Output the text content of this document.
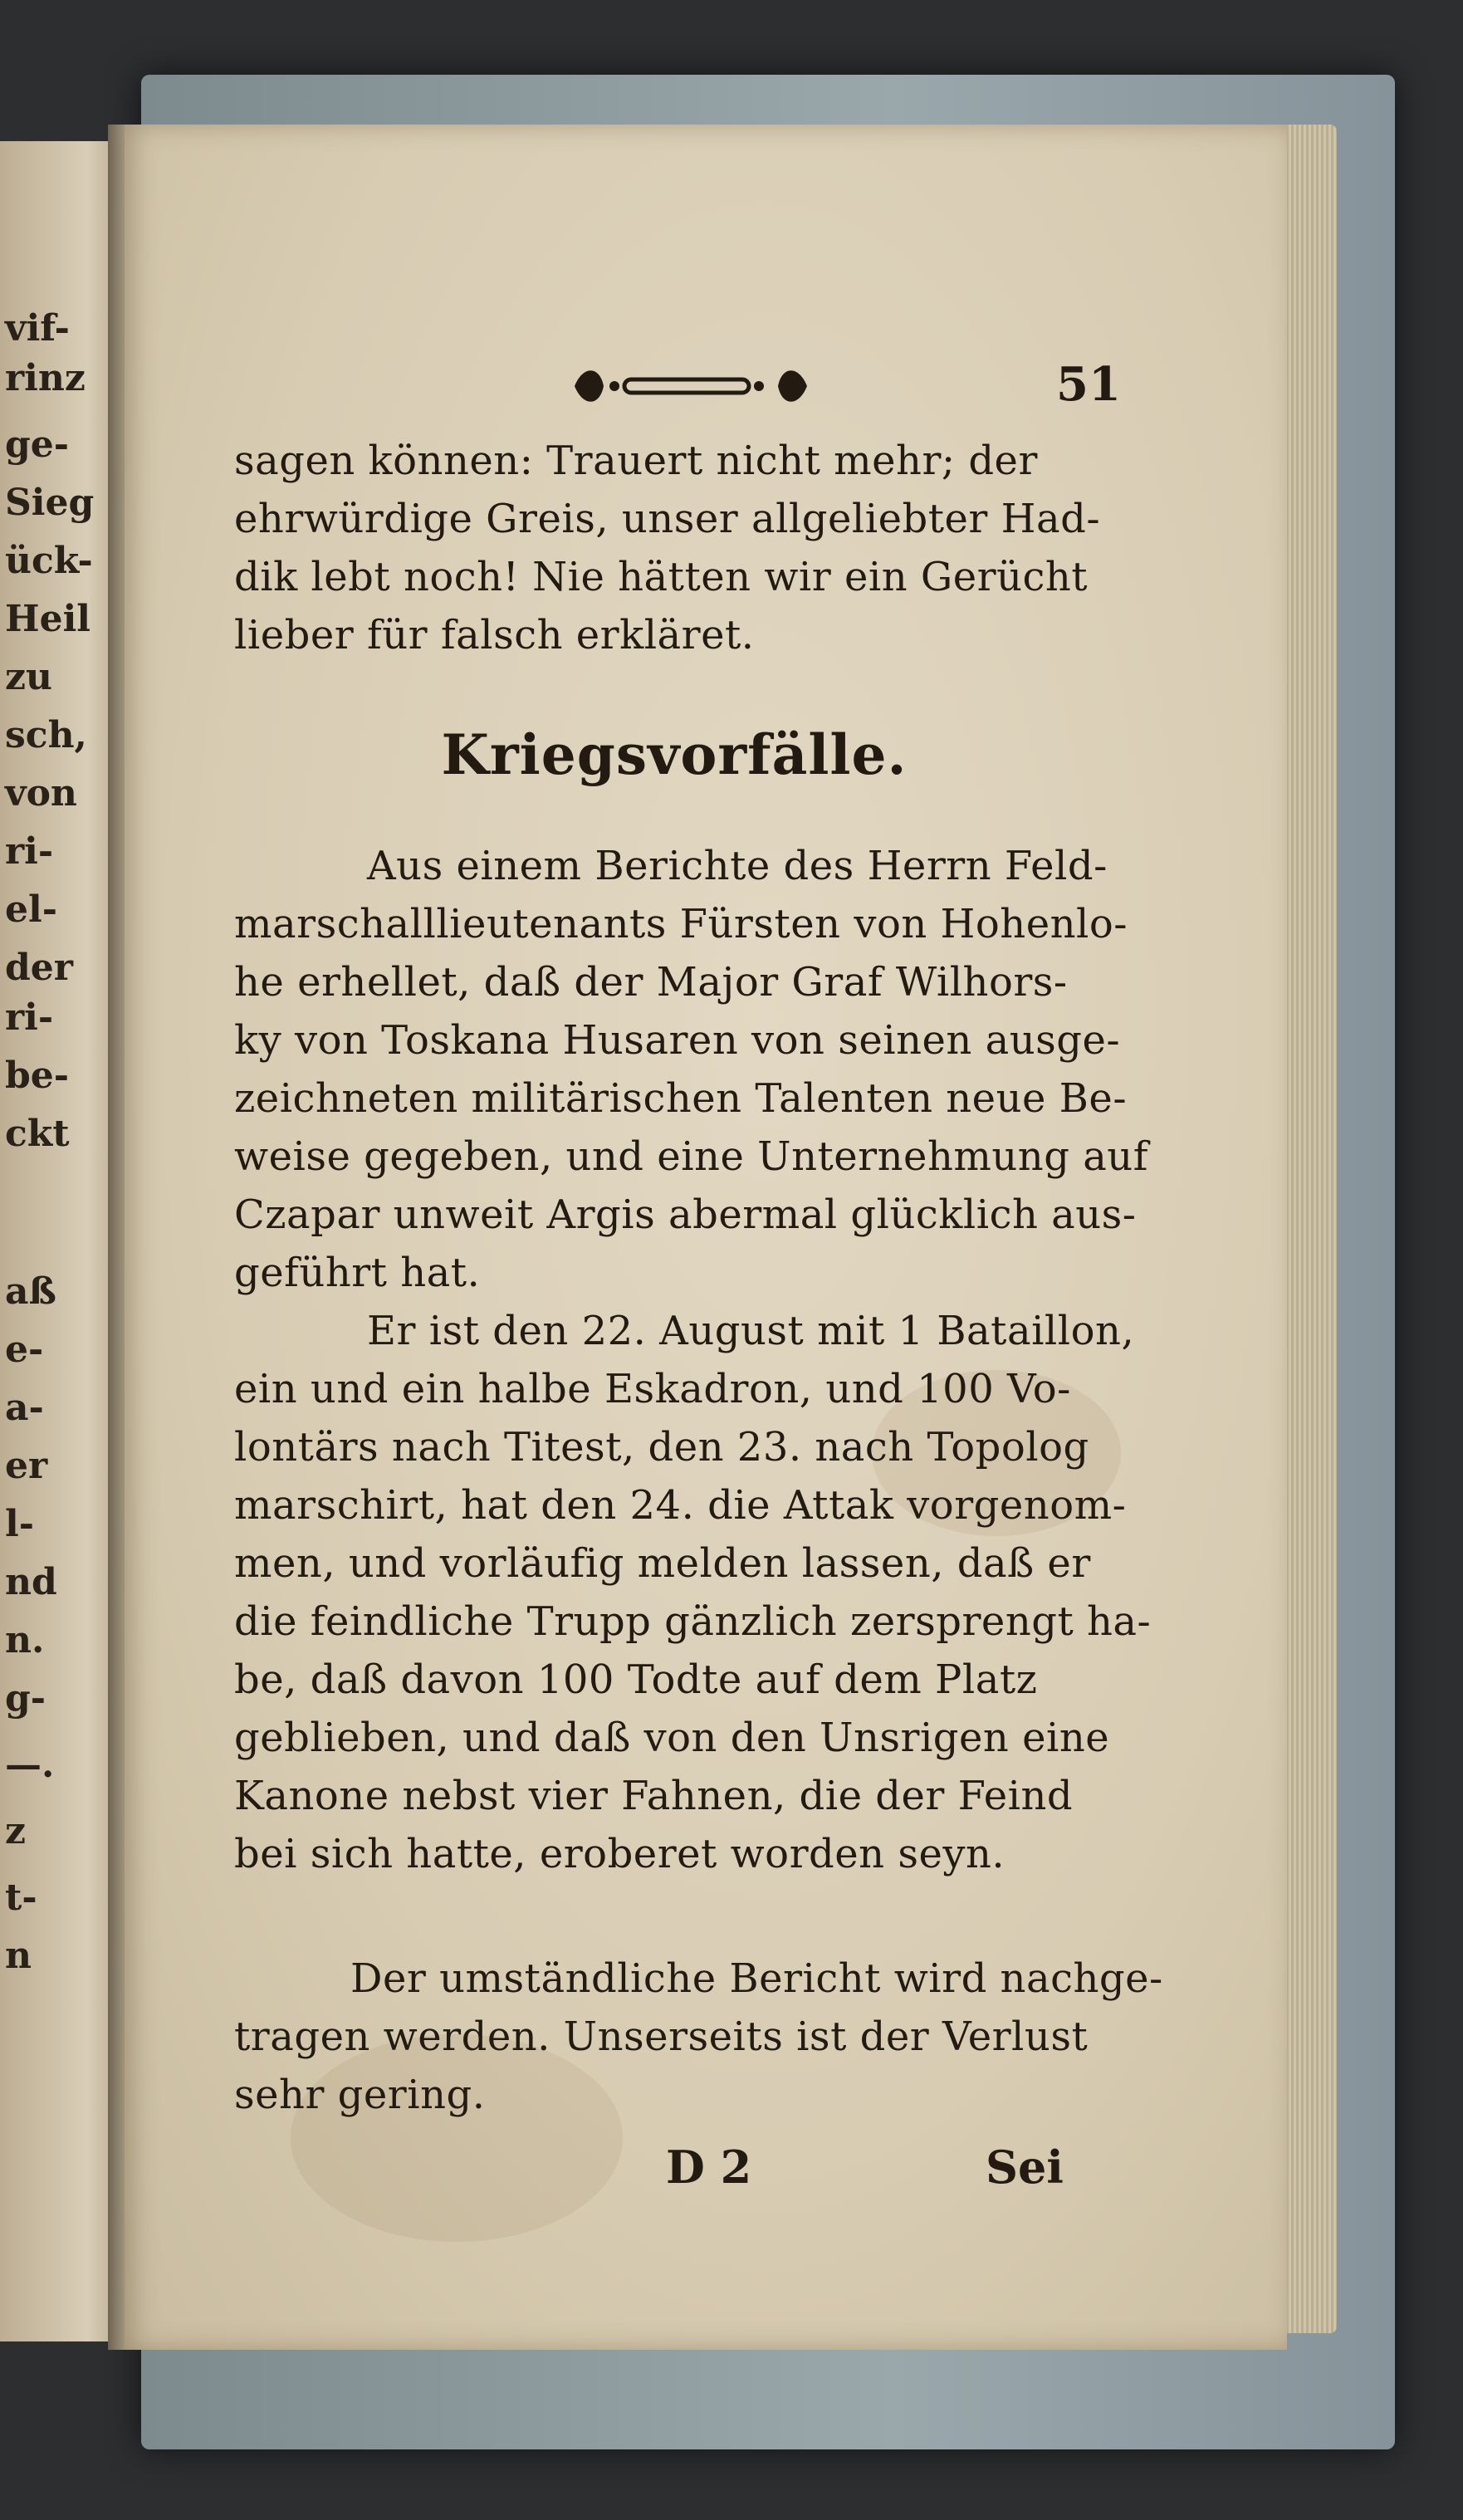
vif-
rinz
ge-
Sieg
ück-
Heil
zu
sch,
von
ri-
el-
der
ri-
be-
ckt
aß
e-
a-
er
l-
nd
n.
g-
—.
z
t-
n
51
sagen können: Trauert nicht mehr; der
ehrwürdige Greis, unser allgeliebter Had-
dik lebt noch! Nie hätten wir ein Gerücht
lieber für falsch erkläret.
Kriegsvorfälle.
Aus einem Berichte des Herrn Feld-
marschalllieutenants Fürsten von Hohenlo-
he erhellet, daß der Major Graf Wilhors-
ky von Toskana Husaren von seinen ausge-
zeichneten militärischen Talenten neue Be-
weise gegeben, und eine Unternehmung auf
Czapar unweit Argis abermal glücklich aus-
geführt hat.
Er ist den 22. August mit 1 Bataillon,
ein und ein halbe Eskadron, und 100 Vo-
lontärs nach Titest, den 23. nach Topolog
marschirt, hat den 24. die Attak vorgenom-
men, und vorläufig melden lassen, daß er
die feindliche Trupp gänzlich zersprengt ha-
be, daß davon 100 Todte auf dem Platz
geblieben, und daß von den Unsrigen eine
Kanone nebst vier Fahnen, die der Feind
bei sich hatte, eroberet worden seyn.
Der umständliche Bericht wird nachge-
tragen werden. Unserseits ist der Verlust
sehr gering.
D 2	Sei
